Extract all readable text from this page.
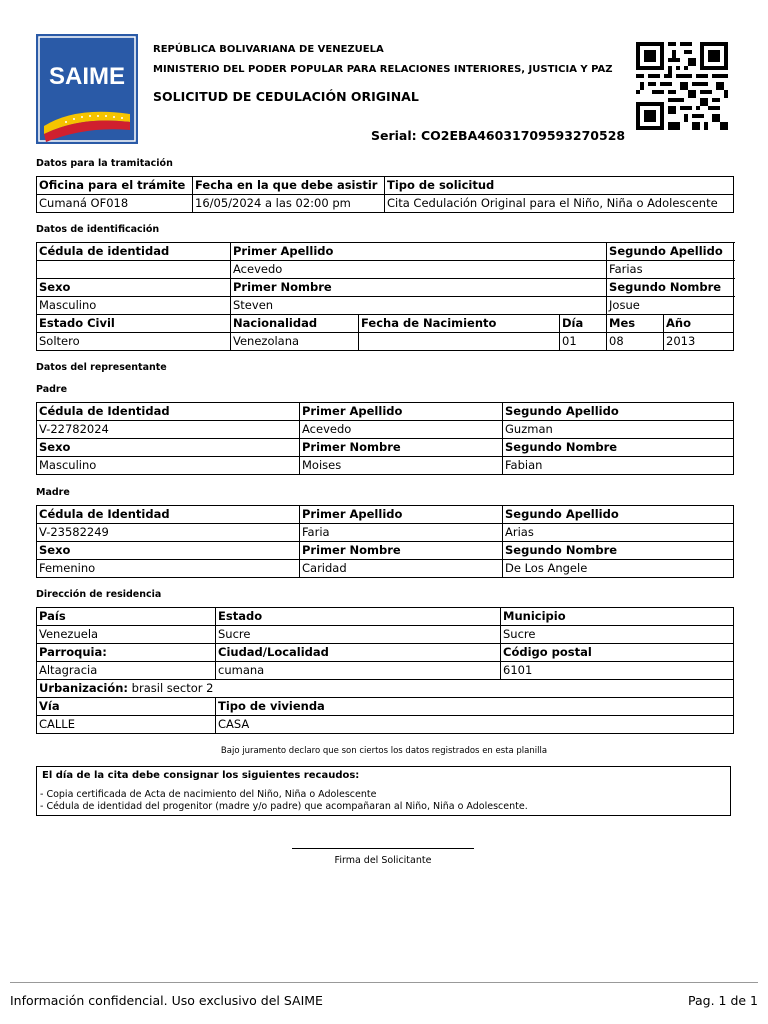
SAIME
REPÚBLICA BOLIVARIANA DE VENEZUELA
MINISTERIO DEL PODER POPULAR PARA RELACIONES INTERIORES, JUSTICIA Y PAZ
SOLICITUD DE CEDULACIÓN ORIGINAL
Serial: CO2EBA46031709593270528
Datos para la tramitación
Oficina para el trámite	Fecha en la que debe asistir	Tipo de solicitud
Cumaná OF018	16/05/2024 a las 02:00 pm	Cita Cedulación Original para el Niño, Niña o Adolescente
Datos de identificación
Cédula de identidad	Primer Apellido			Segundo Apellido	
	Acevedo			Farias	
Sexo	Primer Nombre			Segundo Nombre	
Masculino	Steven			Josue	
Estado Civil	Nacionalidad	Fecha de Nacimiento	Día	Mes	Año
Soltero	Venezolana		01	08	2013
Datos del representante
Padre
Cédula de Identidad	Primer Apellido	Segundo Apellido
V-22782024	Acevedo	Guzman
Sexo	Primer Nombre	Segundo Nombre
Masculino	Moises	Fabian
Madre
Cédula de Identidad	Primer Apellido	Segundo Apellido
V-23582249	Faria	Arias
Sexo	Primer Nombre	Segundo Nombre
Femenino	Caridad	De Los Angele
Dirección de residencia
País	Estado	Municipio
Venezuela	Sucre	Sucre
Parroquia:	Ciudad/Localidad	Código postal
Altagracia	cumana	6101
Urbanización: brasil sector 2		
Vía	Tipo de vivienda	
CALLE	CASA	
Bajo juramento declaro que son ciertos los datos registrados en esta planilla
El día de la cita debe consignar los siguientes recaudos:
- Copia certificada de Acta de nacimiento del Niño, Niña o Adolescente
- Cédula de identidad del progenitor (madre y/o padre) que acompañaran al Niño, Niña o Adolescente.
Firma del Solicitante
Información confidencial. Uso exclusivo del SAIME	Pag. 1 de 1
